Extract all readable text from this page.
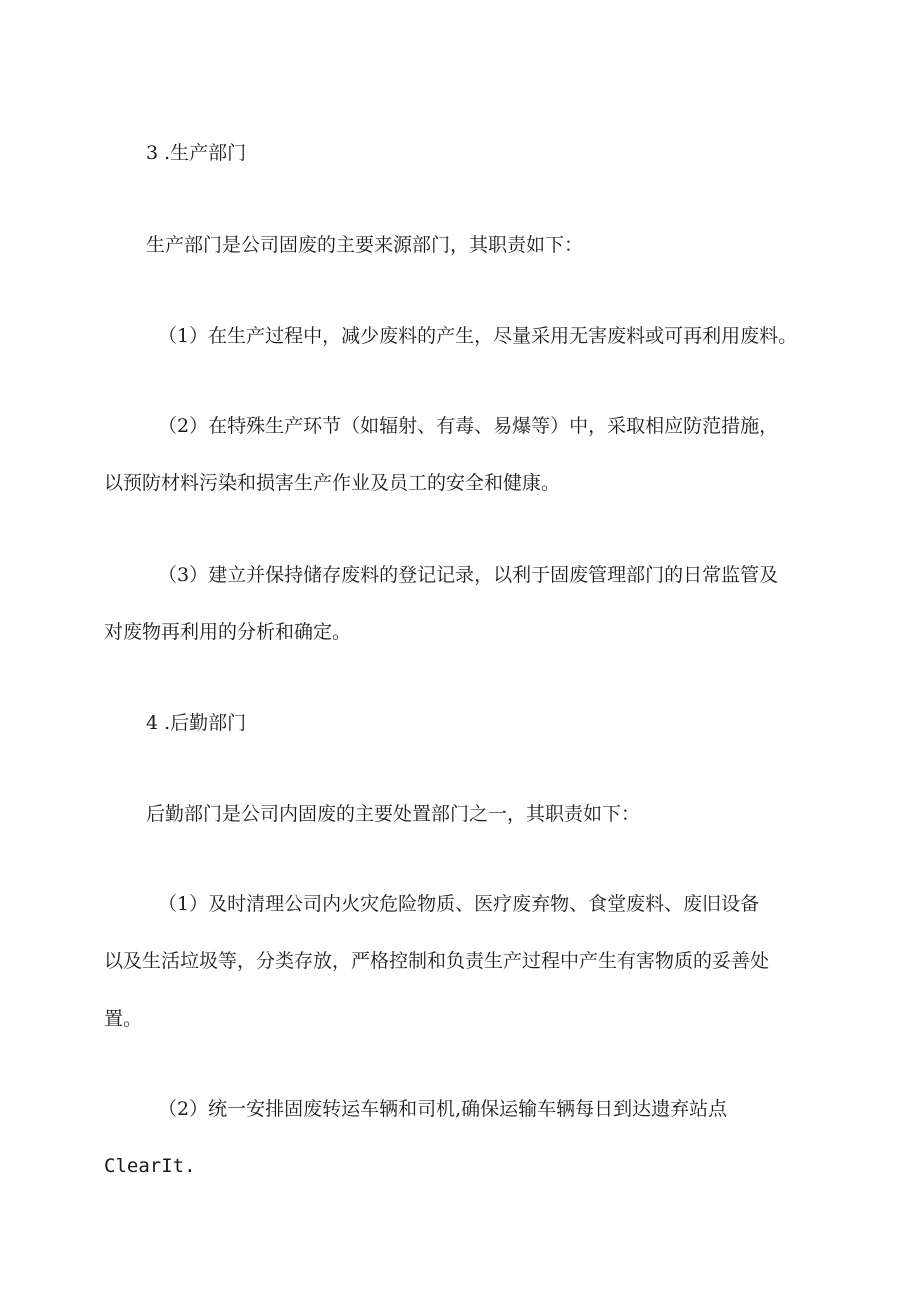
3 .生产部门
生产部门是公司固废的主要来源部门，其职责如下：
（1）在生产过程中，减少废料的产生，尽量采用无害废料或可再利用废料。
（2）在特殊生产环节（如辐射、有毒、易爆等）中，采取相应防范措施，
以预防材料污染和损害生产作业及员工的安全和健康。
（3）建立并保持储存废料的登记记录，以利于固废管理部门的日常监管及
对废物再利用的分析和确定。
4 .后勤部门
后勤部门是公司内固废的主要处置部门之一，其职责如下：
（1）及时清理公司内火灾危险物质、医疗废弃物、食堂废料、废旧设备
以及生活垃圾等，分类存放，严格控制和负责生产过程中产生有害物质的妥善处
置。
（2）统一安排固废转运车辆和司机,确保运输车辆每日到达遗弃站点
ClearIt.
